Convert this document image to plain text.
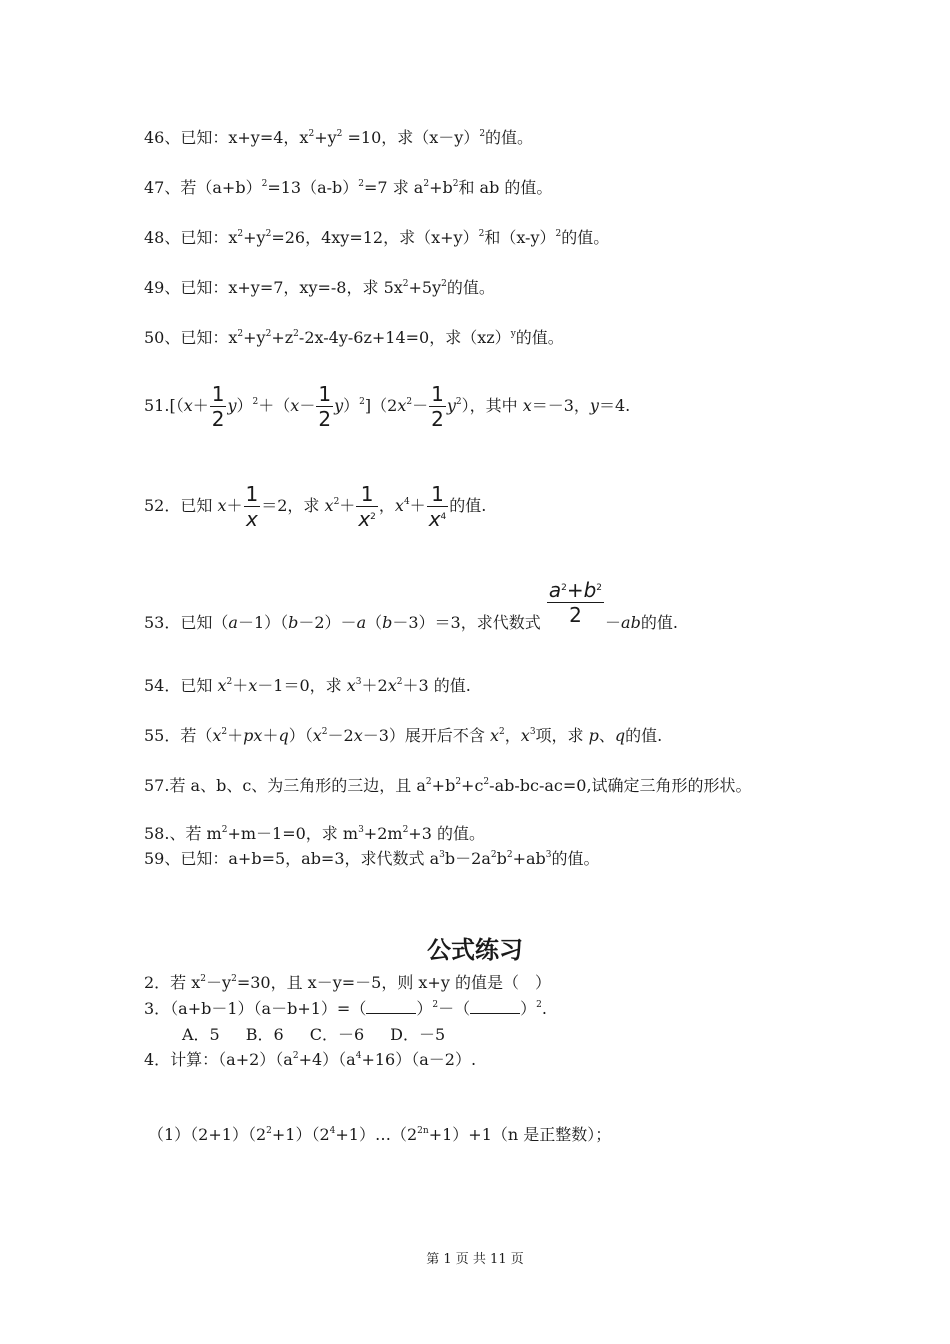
46、已知：x+y=4，$x^2+y^2 =10$，求$(x-y)^2$的值。
47、若$(a+b)^2=13(a-b)^2=7$ 求 $a^2+b^2$和 ab 的值。
48、已知：$x^2+y^2=26$，4xy=12，求$(x+y)^2$和$(x-y)^2$的值。
49、已知：x+y=7，xy=-8，求 $5x^2+5y^2$的值。
50、已知：$x^2+y^2+z^2-2x-4y-6z+14=0$，求（xz）$^y$的值。
$51.[(x+ \frac{1}{2} y)^2+(x- \frac{1}{2} y)^2](2x^2- \frac{1}{2} y^2)$，其中 x＝－3，y＝4.
52．已知 $x+ \frac{1}{x} =2$，求 $x^2+ \frac{1}{x^2}$ ，$x^4+ \frac{1}{x^4}$ 的值.
53．已知（a－1）（b－2）－a（b－3）＝3，求代数式 $\frac{a^2+b^2}{2} -ab$的值.
54．已知 $x^2+x-1=0$，求 $x^3+2x^2+3$ 的值.
55．若$(x^2+px+q)(x^2-2x-3)$展开后不含 $x^2$，$x^3$项，求 p、q的值.
57.若 a、b、c、为三角形的三边，且 $a^2+b^2+c^2-ab-bc-ac=0$,试确定三角形的形状。
58.、若 $m^2+m-1=0$，求 $m^3+2m^2+3$ 的值。
59、已知：a+b=5，ab=3，求代数式 $a^3b-2a^2b^2+ab^3$的值。
公式练习
2．若 $x^2-y^2=30$，且 x－y=－5，则 x+y 的值是（　）
3．（a+b－1）（a－b+1）=（	）$^2$－（	）$^2$.
A．5 B．6 C．－6 D．－5
4．计算：$(a+2)(a^2+4)(a^4+16)(a-2)$.
$(1)(2+1)(2^2+1)(2^4+1)\dots(2^{2n}+1)+1(n$ 是正整数）；
第 1 页 共 11 页
